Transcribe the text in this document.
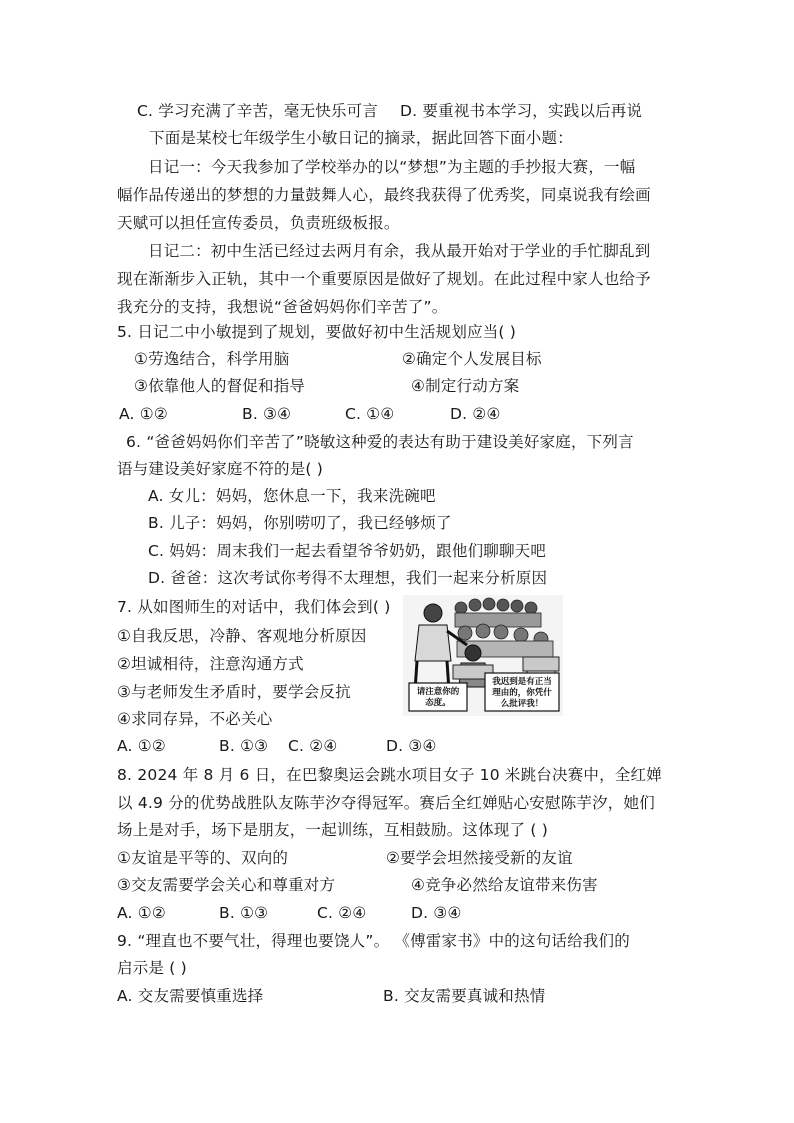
C. 学习充满了辛苦，毫无快乐可言 D. 要重视书本学习，实践以后再说
下面是某校七年级学生小敏日记的摘录，据此回答下面小题：
日记一：今天我参加了学校举办的以“梦想”为主题的手抄报大赛，一幅
幅作品传递出的梦想的力量鼓舞人心，最终我获得了优秀奖，同桌说我有绘画
天赋可以担任宣传委员，负责班级板报。
日记二：初中生活已经过去两月有余，我从最开始对于学业的手忙脚乱到
现在渐渐步入正轨，其中一个重要原因是做好了规划。在此过程中家人也给予
我充分的支持，我想说“爸爸妈妈你们辛苦了”。
5. 日记二中小敏提到了规划，要做好初中生活规划应当( )
①劳逸结合，科学用脑	②确定个人发展目标
③依靠他人的督促和指导	④制定行动方案
A. ①②	B. ③④	C. ①④	D. ②④
6. “爸爸妈妈你们辛苦了”晓敏这种爱的表达有助于建设美好家庭，下列言
语与建设美好家庭不符的是( )
A. 女儿：妈妈，您休息一下，我来洗碗吧
B. 儿子：妈妈，你别唠叨了，我已经够烦了
C. 妈妈：周末我们一起去看望爷爷奶奶，跟他们聊聊天吧
D. 爸爸：这次考试你考得不太理想，我们一起来分析原因
7. 从如图师生的对话中，我们体会到( )
①自我反思，冷静、客观地分析原因
②坦诚相待，注意沟通方式
③与老师发生矛盾时，要学会反抗
④求同存异，不必关心
A. ①②	B. ①③ C. ②④	D. ③④
请注意你的
态度。
我迟到是有正当
理由的，你凭什
么批评我！
8. 2024 年 8 月 6 日，在巴黎奥运会跳水项目女子 10 米跳台决赛中，全红婵
以 4.9 分的优势战胜队友陈芋汐夺得冠军。赛后全红婵贴心安慰陈芋汐，她们
场上是对手，场下是朋友，一起训练，互相鼓励。这体现了 ( )
①友谊是平等的、双向的	②要学会坦然接受新的友谊
③交友需要学会关心和尊重对方	④竞争必然给友谊带来伤害
A. ①②	B. ①③	C. ②④	D. ③④
9. “理直也不要气壮，得理也要饶人”。 《傅雷家书》中的这句话给我们的
启示是 ( )
A. 交友需要慎重选择	B. 交友需要真诚和热情
